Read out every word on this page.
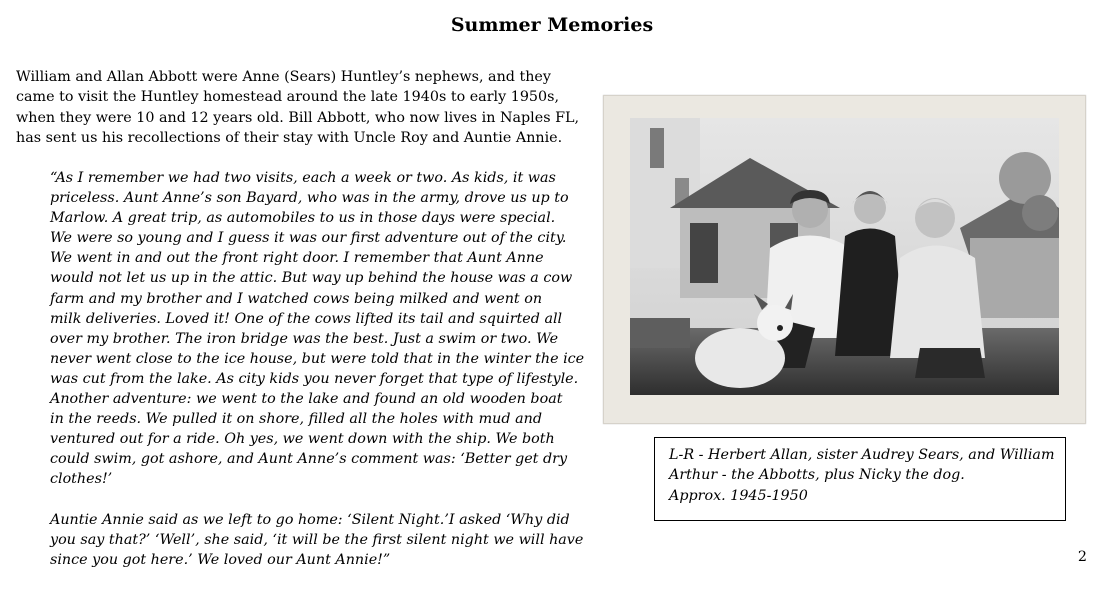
Summer Memories

William and Allan Abbott were Anne (Sears) Huntley’s nephews, and they
came to visit the Huntley homestead around the late 1940s to early 1950s,
when they were 10 and 12 years old. Bill Abbott, who now lives in Naples FL,
has sent us his recollections of their stay with Uncle Roy and Auntie Annie.

“As I remember we had two visits, each a week or two. As kids, it was
priceless. Aunt Anne’s son Bayard, who was in the army, drove us up to
Marlow. A great trip, as automobiles to us in those days were special.
We were so young and I guess it was our first adventure out of the city.
We went in and out the front right door. I remember that Aunt Anne
would not let us up in the attic. But way up behind the house was a cow
farm and my brother and I watched cows being milked and went on
milk deliveries. Loved it! One of the cows lifted its tail and squirted all
over my brother. The iron bridge was the best. Just a swim or two. We
never went close to the ice house, but were told that in the winter the ice
was cut from the lake. As city kids you never forget that type of lifestyle.
Another adventure: we went to the lake and found an old wooden boat
in the reeds. We pulled it on shore, filled all the holes with mud and
ventured out for a ride. Oh yes, we went down with the ship. We both
could swim, got ashore, and Aunt Anne’s comment was: ‘Better get dry
clothes!’
Auntie Annie said as we left to go home: ‘Silent Night.’I asked ‘Why did
you say that?’ ‘Well’, she said, ‘it will be the first silent night we will have
since you got here.’ We loved our Aunt Annie!”
L-R - Herbert Allan, sister Audrey Sears, and William
Arthur - the Abbotts, plus Nicky the dog.
Approx. 1945-1950
2
